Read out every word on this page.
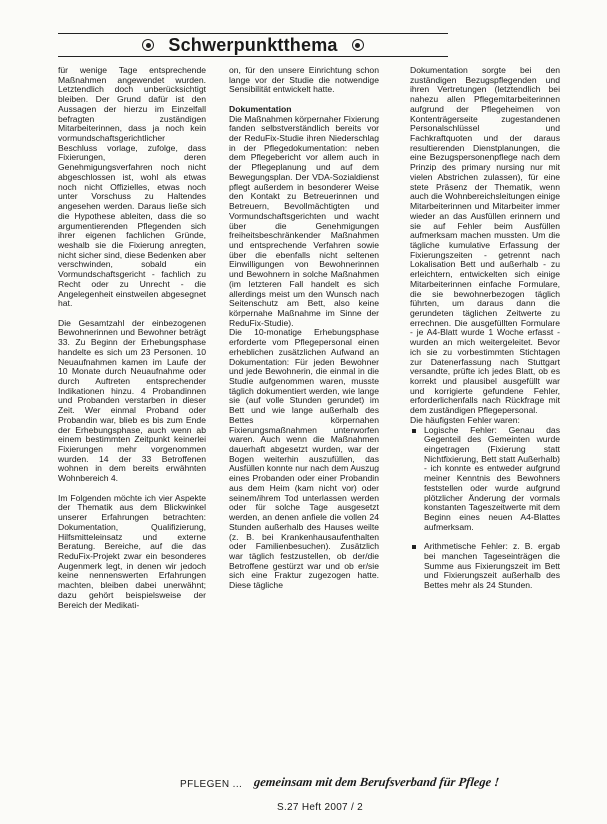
Schwerpunktthema

für wenige Tage entsprechende Maßnahmen angewendet wurden. Letztendlich doch unberücksichtigt bleiben. Der Grund dafür ist den Aussagen der hierzu im Einzelfall befragten zuständigen Mitarbeiterinnen, dass ja noch kein vormundschaftsgerichtlicher Beschluss vorlage, zufolge, dass Fixierungen, deren Genehmigungsverfahren noch nicht abgeschlossen ist, wohl als etwas noch nicht Offizielles, etwas noch unter Vorschuss zu Haltendes angesehen werden. Daraus ließe sich die Hypothese ableiten, dass die so argumentierenden Pflegenden sich ihrer eigenen fachlichen Gründe, weshalb sie die Fixierung anregten, nicht sicher sind, diese Bedenken aber verschwinden, sobald ein Vormundschaftsgericht - fachlich zu Recht oder zu Unrecht - die Angelegenheit einstweilen abgesegnet hat.

Die Gesamtzahl der einbezogenen Bewohnerinnen und Bewohner beträgt 33. Zu Beginn der Erhebungsphase handelte es sich um 23 Personen. 10 Neuaufnahmen kamen im Laufe der 10 Monate durch Neuaufnahme oder durch Auftreten entsprechender Indikationen hinzu. 4 Probandinnen und Probanden verstarben in dieser Zeit. Wer einmal Proband oder Probandin war, blieb es bis zum Ende der Erhebungsphase, auch wenn ab einem bestimmten Zeitpunkt keinerlei Fixierungen mehr vorgenommen wurden. 14 der 33 Betroffenen wohnen in dem bereits erwähnten Wohnbereich 4.

Im Folgenden möchte ich vier Aspekte der Thematik aus dem Blickwinkel unserer Erfahrungen betrachten: Dokumentation, Qualifizierung, Hilfsmitteleinsatz und externe Beratung. Bereiche, auf die das ReduFix-Projekt zwar ein besonderes Augenmerk legt, in denen wir jedoch keine nennenswerten Erfahrungen machten, bleiben dabei unerwähnt; dazu gehört beispielsweise der Bereich der Medikati-

on, für den unsere Einrichtung schon lange vor der Studie die notwendige Sensibilität entwickelt hatte.

Dokumentation

Die Maßnahmen körpernaher Fixierung fanden selbstverständlich bereits vor der ReduFix-Studie ihren Niederschlag in der Pflegedokumentation: neben dem Pflegebericht vor allem auch in der Pflegeplanung und auf dem Bewegungsplan. Der VDA-Sozialdienst pflegt außerdem in besonderer Weise den Kontakt zu Betreuerinnen und Betreuern, Bevollmächtigten und Vormundschaftsgerichten und wacht über die Genehmigungen freiheitsbeschränkender Maßnahmen und entsprechende Verfahren sowie über die ebenfalls nicht seltenen Einwilligungen von Bewohnerinnen und Bewohnern in solche Maßnahmen (im letzteren Fall handelt es sich allerdings meist um den Wunsch nach Seitenschutz am Bett, also keine körpernahe Maßnahme im Sinne der ReduFix-Studie).

Die 10-monatige Erhebungsphase erforderte vom Pflegepersonal einen erheblichen zusätzlichen Aufwand an Dokumentation: Für jeden Bewohner und jede Bewohnerin, die einmal in die Studie aufgenommen waren, musste täglich dokumentiert werden, wie lange sie (auf volle Stunden gerundet) im Bett und wie lange außerhalb des Bettes körpernahen Fixierungsmaßnahmen unterworfen waren. Auch wenn die Maßnahmen dauerhaft abgesetzt wurden, war der Bogen weiterhin auszufüllen, das Ausfüllen konnte nur nach dem Auszug eines Probanden oder einer Probandin aus dem Heim (kam nicht vor) oder seinem/ihrem Tod unterlassen werden oder für solche Tage ausgesetzt werden, an denen anfiele die vollen 24 Stunden außerhalb des Hauses weilte (z. B. bei Krankenhausaufenthalten oder Familienbesuchen). Zusätzlich war täglich festzustellen, ob der/die Betroffene gestürzt war und ob er/sie sich eine Fraktur zugezogen hatte. Diese tägliche

Dokumentation sorgte bei den zuständigen Bezugspflegenden und ihren Vertretungen (letztendlich bei nahezu allen Pflegemitarbeiterinnen aufgrund der Pflegeheimen von Kontenträgerseite zugestandenen Personalschlüssel und Fachkraftquoten und der daraus resultierenden Dienstplanungen, die eine Bezugspersonenpflege nach dem Prinzip des primary nursing nur mit vielen Abstrichen zulassen), für eine stete Präsenz der Thematik, wenn auch die Wohnbereichsleitungen einige Mitarbeiterinnen und Mitarbeiter immer wieder an das Ausfüllen erinnern und sie auf Fehler beim Ausfüllen aufmerksam machen mussten. Um die tägliche kumulative Erfassung der Fixierungszeiten - getrennt nach Lokalisation Bett und außerhalb - zu erleichtern, entwickelten sich einige Mitarbeiterinnen einfache Formulare, die sie bewohnerbezogen täglich führten, um daraus dann die gerundeten täglichen Zeitwerte zu errechnen. Die ausgefüllten Formulare - je A4-Blatt wurde 1 Woche erfasst - wurden an mich weitergeleitet. Bevor ich sie zu vorbestimmten Stichtagen zur Datenerfassung nach Stuttgart versandte, prüfte ich jedes Blatt, ob es korrekt und plausibel ausgefüllt war und korrigierte gefundene Fehler, erforderlichenfalls nach Rückfrage mit dem zuständigen Pflegepersonal.

Die häufigsten Fehler waren:

Logische Fehler: Genau das Gegenteil des Gemeinten wurde eingetragen (Fixierung statt Nichtfixierung, Bett statt Außerhalb) - ich konnte es entweder aufgrund meiner Kenntnis des Bewohners feststellen oder wurde aufgrund plötzlicher Änderung der vormals konstanten Tageszeitwerte mit dem Beginn eines neuen A4-Blattes aufmerksam.
Arithmetische Fehler: z. B. ergab bei manchen Tageseinträgen die Summe aus Fixierungszeit im Bett und Fixierungszeit außerhalb des Bettes mehr als 24 Stunden.
PFLEGEN ... gemeinsam mit dem Berufsverband für Pflege !
S.27 Heft 2007 / 2
